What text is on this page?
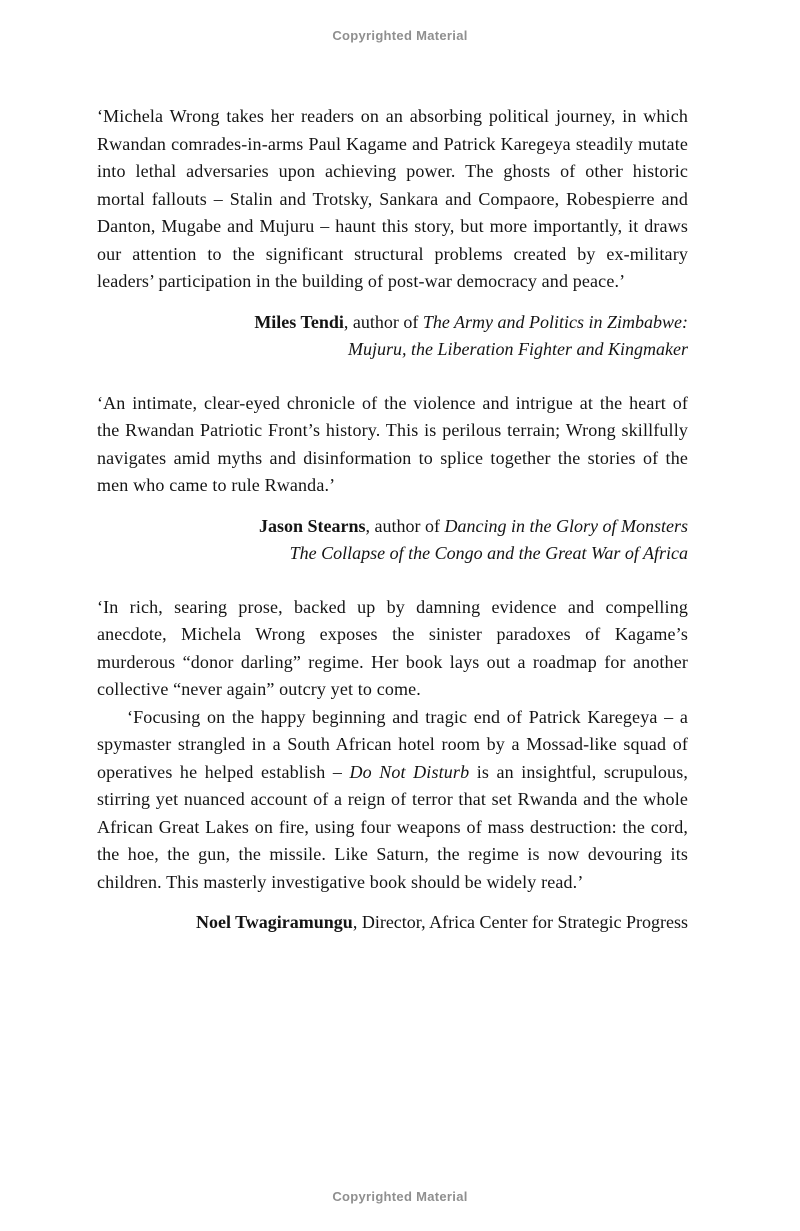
Copyrighted Material

‘Michela Wrong takes her readers on an absorbing political journey, in which Rwandan comrades-in-arms Paul Kagame and Patrick Karegeya steadily mutate into lethal adversaries upon achieving power. The ghosts of other historic mortal fallouts – Stalin and Trotsky, Sankara and Compaore, Robespierre and Danton, Mugabe and Mujuru – haunt this story, but more importantly, it draws our attention to the significant structural problems created by ex-military leaders’ participation in the building of post-war democracy and peace.’

Miles Tendi, author of The Army and Politics in Zimbabwe:
Mujuru, the Liberation Fighter and Kingmaker

‘An intimate, clear-eyed chronicle of the violence and intrigue at the heart of the Rwandan Patriotic Front’s history. This is perilous terrain; Wrong skillfully navigates amid myths and disinformation to splice together the stories of the men who came to rule Rwanda.’

Jason Stearns, author of Dancing in the Glory of Monsters
The Collapse of the Congo and the Great War of Africa

‘In rich, searing prose, backed up by damning evidence and compelling anecdote, Michela Wrong exposes the sinister paradoxes of Kagame’s murderous “donor darling” regime. Her book lays out a roadmap for another collective “never again” outcry yet to come.

‘Focusing on the happy beginning and tragic end of Patrick Karegeya – a spymaster strangled in a South African hotel room by a Mossad-like squad of operatives he helped establish – Do Not Disturb is an insightful, scrupulous, stirring yet nuanced account of a reign of terror that set Rwanda and the whole African Great Lakes on fire, using four weapons of mass destruction: the cord, the hoe, the gun, the missile. Like Saturn, the regime is now devouring its children. This masterly investigative book should be widely read.’

Noel Twagiramungu, Director, Africa Center for Strategic Progress
Copyrighted Material
